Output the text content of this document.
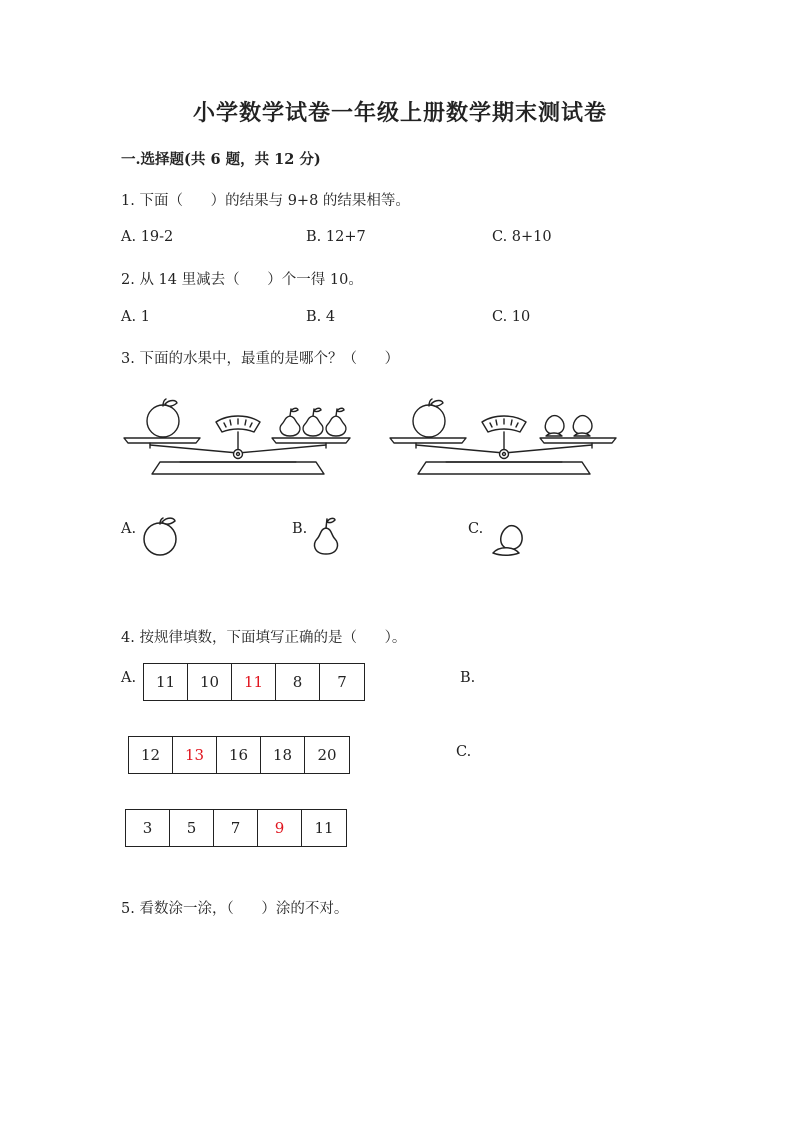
小学数学试卷一年级上册数学期末测试卷
一.选择题(共 6 题，共 12 分)
1. 下面（      ）的结果与 9+8 的结果相等。
A. 19-2	B. 12+7	C. 8+10
2. 从 14 里减去（      ）个一得 10。
A. 1	B. 4	C. 10
3. 下面的水果中，最重的是哪个？（      ）
A.	B.	C.
4. 按规律填数，下面填写正确的是（      ）。
A.	B.
C.
11	10	11	8	7
12	13	16	18	20
3	5	7	9	11
5. 看数涂一涂，（      ）涂的不对。
